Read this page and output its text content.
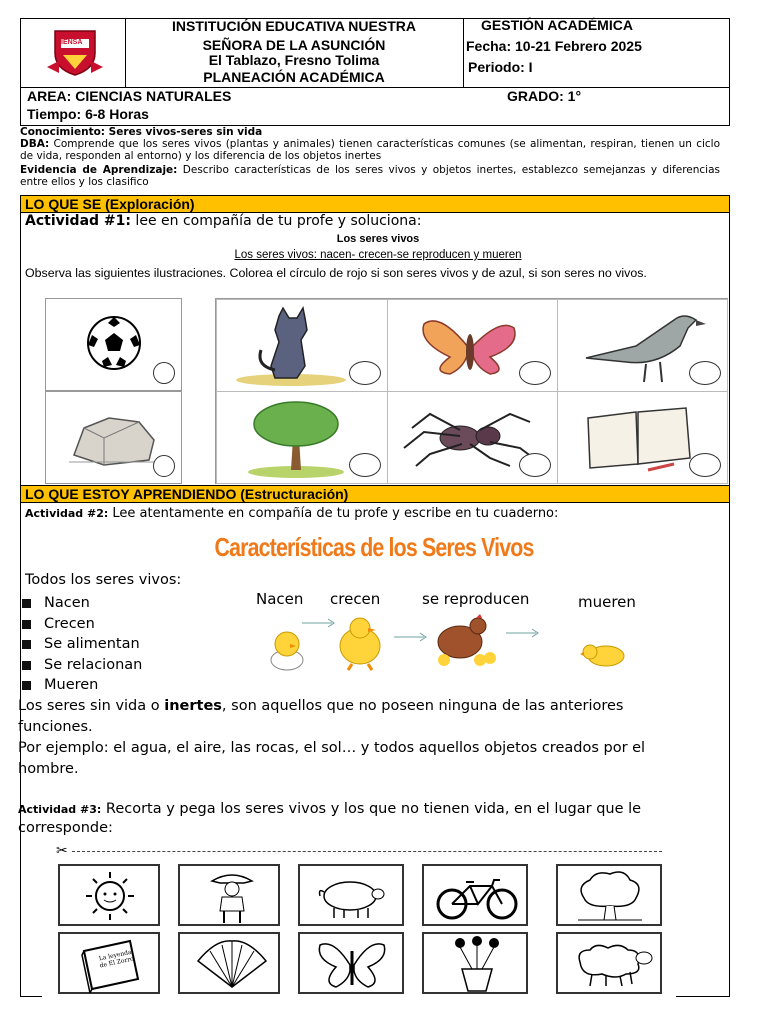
IENSA
INSTITUCIÓN EDUCATIVA NUESTRA
SEÑORA DE LA ASUNCIÓN
El Tablazo, Fresno Tolima
PLANEACIÓN ACADÉMICA
GESTIÓN ACADÉMICA
Fecha: 10-21 Febrero 2025
Periodo: I
AREA: CIENCIAS NATURALES	GRADO: 1°
Tiempo: 6-8 Horas
Conocimiento: Seres vivos-seres sin vida
DBA: Comprende que los seres vivos (plantas y animales) tienen características comunes (se alimentan, respiran, tienen un ciclo de vida, responden al entorno) y los diferencia de los objetos inertes
Evidencia de Aprendizaje: Describo características de los seres vivos y objetos inertes, establezco semejanzas y diferencias entre ellos y los clasifico
LO QUE SE (Exploración)
Actividad #1: lee en compañía de tu profe y soluciona:
Los seres vivos
Los seres vivos: nacen- crecen-se reproducen y mueren
Observa las siguientes ilustraciones. Colorea el círculo de rojo si son seres vivos y de azul, si son seres no vivos.
LO QUE ESTOY APRENDIENDO (Estructuración)
Actividad #2: Lee atentamente en compañía de tu profe y escribe en tu cuaderno:
Características de los Seres Vivos
Todos los seres vivos:
Nacen
Crecen
Se alimentan
Se relacionan
Mueren
Nacen crecen	se reproducen	mueren
Los seres sin vida o inertes, son aquellos que no poseen ninguna de las anteriores funciones.
Por ejemplo: el agua, el aire, las rocas, el sol… y todos aquellos objetos creados por el hombre.
Actividad #3: Recorta y pega los seres vivos y los que no tienen vida, en el lugar que le corresponde:
✂
La leyenda de El Zorro
